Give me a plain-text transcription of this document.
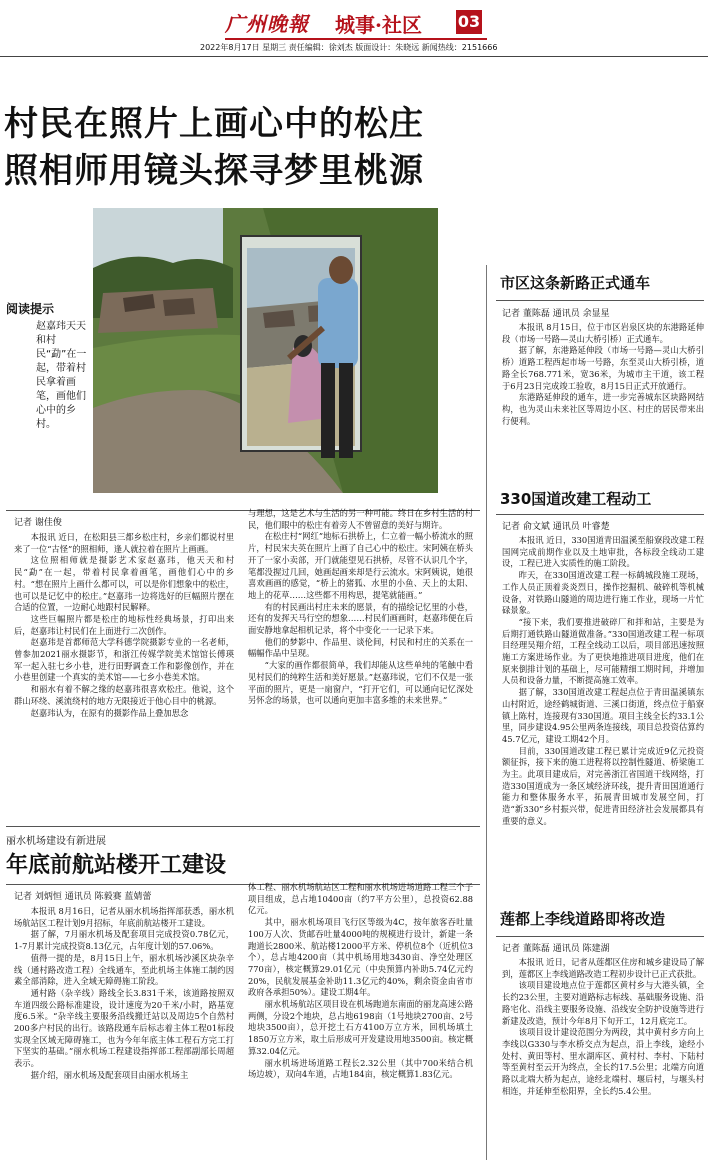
广州晚報 城事·社区 03
2022年8月17日 星期三 责任编辑：徐刘杰 版面设计：朱晓远 新闻热线：2151666
村民在照片上画心中的松庄
照相师用镜头探寻梦里桃源
阅读提示
赵嘉玮天天和村民“勐”在一起，带着村民拿着画笔，画他们心中的乡村。
记者 谢佳俊

本报讯 近日，在松阳县三都乡松庄村，乡亲们都说村里来了一位“古怪”的照相师，逢人就拉着在照片上画画。

这位照相师就是摄影艺术家赵嘉玮，他天天和村民“勐”在一起，带着村民拿着画笔，画他们心中的乡村。“想在照片上画什么都可以，可以是你们想象中的松庄，也可以是记忆中的松庄。”赵嘉玮一边将选好的巨幅照片摆在合适的位置，一边耐心地跟村民解释。

这些巨幅照片都是松庄的地标性经典场景，打印出来后，赵嘉玮让村民们在上面进行二次创作。

赵嘉玮是首都师范大学科德学院摄影专业的一名老师，曾参加2021丽水摄影节，和浙江传媒学院美术馆馆长傅瑛军一起入驻七乡小巷，进行田野调查工作和影像创作，并在小巷里创建一个真实的美术馆——七乡小巷美术馆。

和丽水有着不解之缘的赵嘉玮很喜欢松庄。他说，这个群山环绕、溪流绕村的地方无限接近于他心目中的桃源。

赵嘉玮认为，在原有的摄影作品上叠加思念

与理想，这是艺术与生活的另一种可能。终日在乡村生活的村民，他们眼中的松庄有着旁人不曾留意的美好与期许。

在松庄村“网红”地标石拱桥上，仁立着一幅小桥流水的照片，村民宋夫英在照片上画了自己心中的松庄。宋阿姨在桥头开了一家小卖部，开门就能望见石拱桥，尽管不认识几个字，笔都没握过几回，她画起画来却是行云流水。宋阿姨说，她很喜欢画画的感觉，“桥上的猪狐、水里的小鱼、天上的太阳、地上的花草……这些都不用构思，提笔就能画。”

有的村民画出村庄未来的愿景，有的描绘记忆里的小巷，还有的发挥天马行空的想象……村民们画画时，赵嘉玮便在后面安静地拿起相机记录，将个中变化一一记录下来。

他们的梦影中、作品里、谈伦间，村民和村庄的关系在一幅幅作品中呈现。

“大家的画作都很简单，我们却能从这些单纯的笔触中看见村民们的纯粹生活和美好愿景。”赵嘉玮说，它们不仅是一张平面的照片，更是一扇窗户，“打开它们，可以通向记忆深处另怀念的场景，也可以通向更加丰富多维的未来世界。”

丽水机场建设有新进展
年底前航站楼开工建设
记者 刘炳恒 通讯员 陈毅赛 蓝婧蕾

本报讯 8月16日，记者从丽水机场指挥部获悉，丽水机场航站区工程计划9月招标，年底前航站楼开工建设。

据了解，7月丽水机场及配套项目完成投资0.78亿元，1-7月累计完成投资8.13亿元，占年度计划的57.06%。

值得一提的是，8月15日上午，丽水机场沙溪区块杂辛线（通村路改造工程）全线通车，至此机场主体施工制约因素全部消除，进入全域无障碍施工阶段。

通村路（杂辛线）路线全长3.831千米，该道路按照双车道四级公路标准建设，设计速度为20千米/小时，路基宽度6.5米。“杂辛线主要服务沿线搬迁站以及周边5个自然村200多户村民的出行。该路段通车后标志着主体工程01标段实现全区域无障碍施工，也为今年年底主体工程石方完工打下坚实的基础。”丽水机场工程建设指挥部工程部副部长周超表示。

据介绍，丽水机场及配套项目由丽水机场主

体工程、丽水机场航站区工程和丽水机场进场道路工程三个子项目组成，总占地10400亩（约7平方公里），总投资62.88亿元。

其中，丽水机场项目飞行区等级为4C，按年旅客吞吐量100万人次、货邮吞吐量4000吨的规模进行设计，新建一条跑道长2800米、航站楼12000平方米、停机位8个（近机位3个），总占地4200亩（其中机场用地3430亩、净空处理区770亩），核定概算29.01亿元（中央预算内补助5.74亿元约20%，民航发展基金补助11.3亿元约40%，剩余资金由省市政府各承担50%）。建设工期4年。

丽水机场航站区项目设在机场跑道东南面的丽龙高速公路两侧，分设2个地块，总占地6198亩（1号地块2700亩、2号地块3500亩），总开挖土石方4100万立方米，回机场填土1850万立方米，取土后形成可开发建设用地3500亩。核定概算32.04亿元。

丽水机场进场道路工程长2.32公里（其中700米结合机场边坡），双向4车道，占地184亩，核定概算1.83亿元。

市区这条新路正式通车
记者 董陈磊 通讯员 余显星

本报讯 8月15日，位于市区岩泉区块的东港路延伸段（市场一号路—灵山大桥引桥）正式通车。

据了解，东港路延伸段（市场一号路—灵山大桥引桥）道路工程西起市场一号路，东至灵山大桥引桥，道路全长768.771米，宽36米，为城市主干道，该工程于6月23日完成竣工验收，8月15日正式开放通行。

东港路延伸段的通车，进一步完善城东区块路网结构，也为灵山未来社区等周边小区、村庄的居民带来出行便利。

330国道改建工程动工
记者 俞文斌 通讯员 叶睿楚

本报讯 近日，330国道青田温溪至船寮段改建工程国网完成前期作业以及土地审批，各标段全线动工建设，工程已进入实质性的施工阶段。

昨天，在330国道改建工程一标鹤城段施工现场，工作人员正顶着炎炎烈日，操作挖掘机、破碎机等机械设备，对铁路山隧道的周边进行施工作业，现场一片忙碌景象。

“接下来，我们要推进破碎厂和拌和站，主要是为后期打通铁路山隧道做准备。”330国道改建工程一标项目经理吴翔介绍，工程全线动工以后，项目部迅速按照施工方案进场作业。为了更快地推进项目进度，他们在原来倒排计划的基础上，尽可能精细工期时间，并增加人员和设备力量，不断提高施工效率。

据了解，330国道改建工程起点位于青田温溪镇东山村附近，途经鹤城街道、三溪口街道，终点位于船寮镇上陈村，连接现有330国道。项目主线全长约33.1公里，同步建设4.95公里两条连接线，项目总投资估算约45.7亿元，建设工期42个月。

目前，330国道改建工程已累计完成近9亿元投资额征拆，接下来的施工进程将以控制性隧道、桥梁施工为主。此项目建成后，对完善浙江省国道干线网络，打造330国道成为一条区域经济环线，提升青田国道通行能力和整体服务水平，拓展青田城市发展空间，打造“新330”乡村振兴带，促进青田经济社会发展都具有重要的意义。

莲都上李线道路即将改造
记者 董陈磊 通讯员 陈建湖

本报讯 近日，记者从莲都区住房和城乡建设局了解到，莲都区上李线道路改造工程初步设计已正式获批。

该项目建设地点位于莲都区黄村乡与大港头镇，全长约23公里，主要对道路标志标线、基础服务设施、沿路宅化、沿线主要服务设施、沿线安全防护设施等进行新建及改造，预计今年8月下旬开工，12月底完工。

该项目设计建设范围分为两段，其中黄村乡方向上李线以G330与李水桥交点为起点，沿上李线，途经小处村、黄田等村、里水湖库区、黄村村、李村、下陆村等至黄村至云开为终点，全长约17.5公里；北端方向道路以北端大桥为起点，途经北端村、堰后村，与堰头村相连，并延伸至松阳界，全长约5.4公里。
